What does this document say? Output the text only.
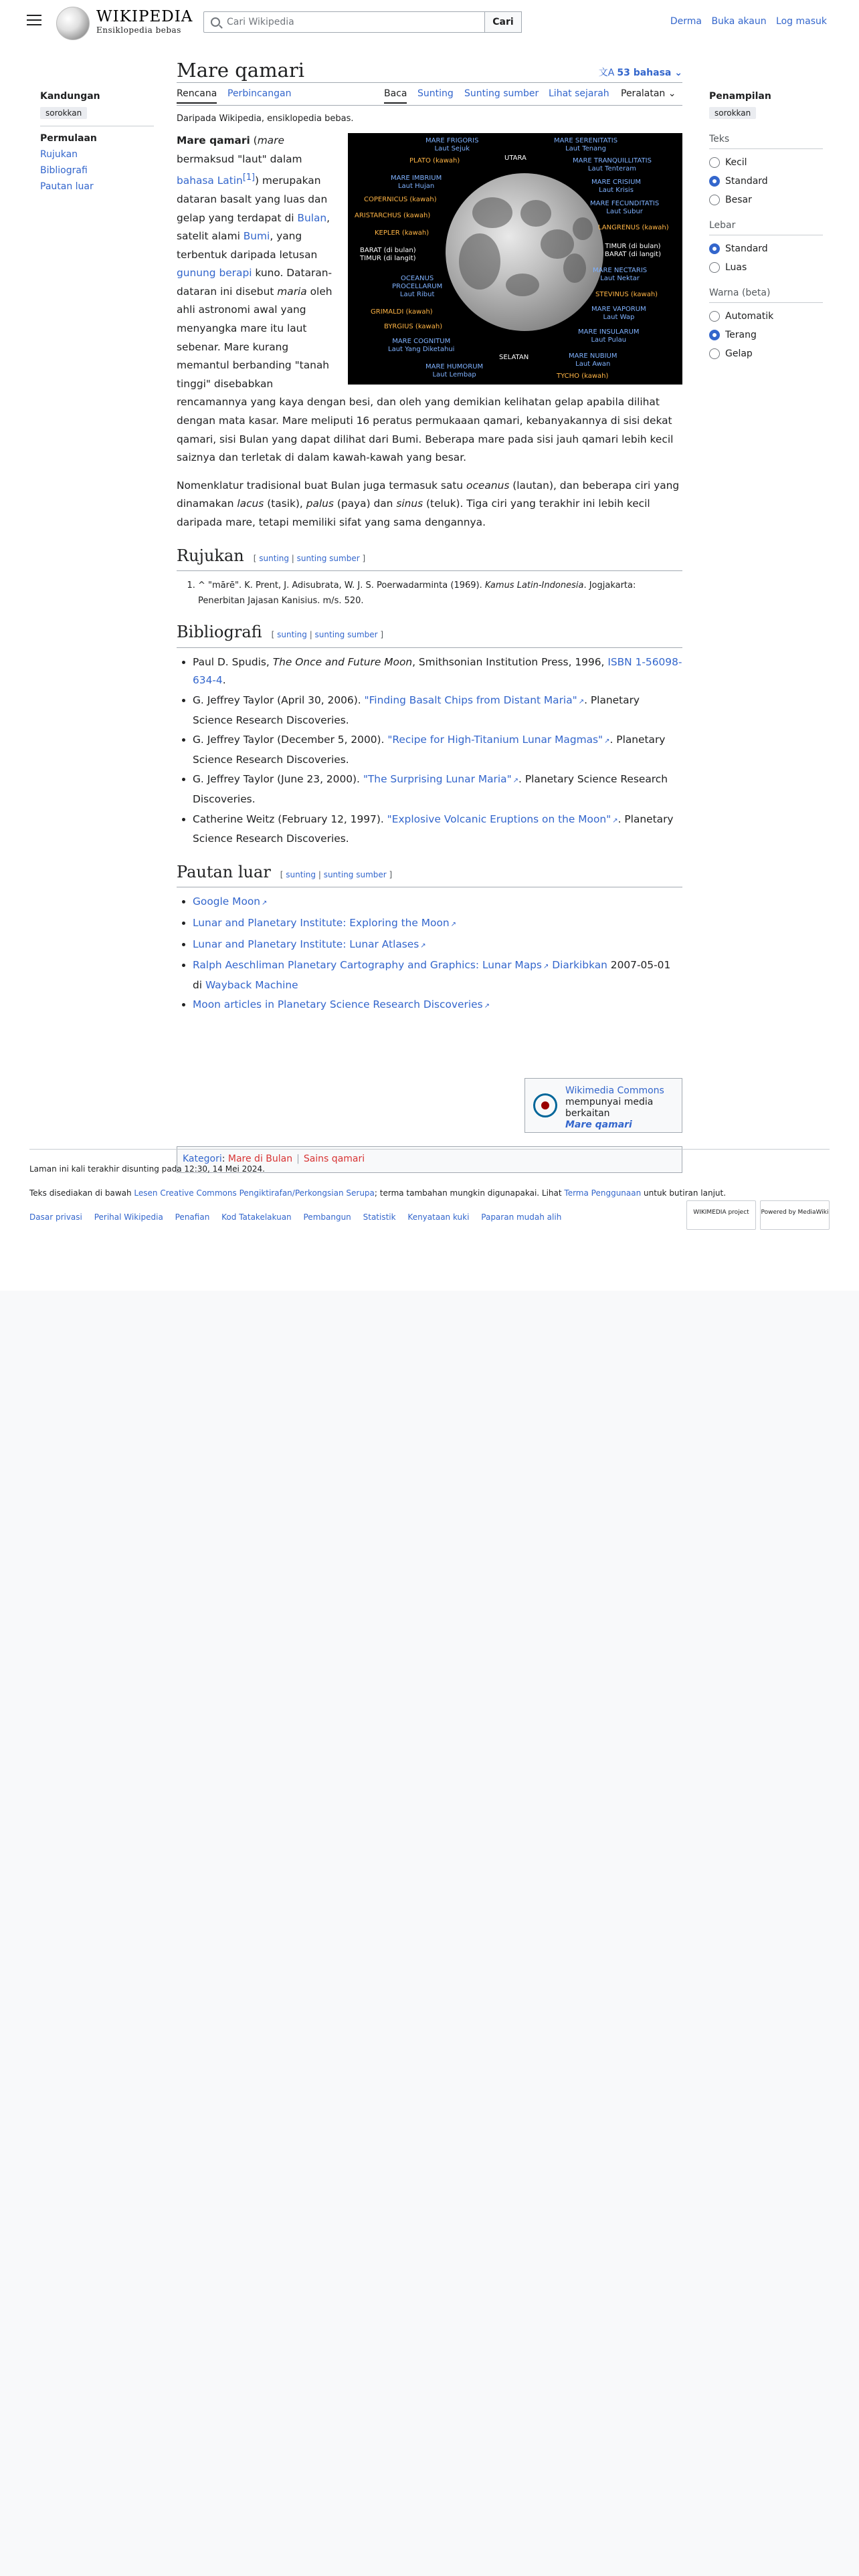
WIKIPEDIA
Ensiklopedia bebas
Cari Wikipedia
Cari	Derma Buka akaun Log masuk
Kandungan
sorokkan
Permulaan
Rujukan
Bibliografi
Pautan luar
Penampilan
sorokkan
Teks
Kecil
Standard
Besar
Lebar
Standard
Luas
Warna (beta)
Automatik
Terang
Gelap
Mare qamari	文A 53 bahasa ⌄
Rencana Perbincangan	Baca Sunting Sunting sumber Lihat sejarah Peralatan ⌄
Daripada Wikipedia, ensiklopedia bebas.
MARE FRIGORIS
Laut Sejuk
PLATO (kawah)	UTARA
MARE SERENITATIS
Laut Tenang
MARE TRANQUILLITATIS
Laut Tenteram
MARE IMBRIUM
Laut Hujan
MARE CRISIUM
Laut Krisis
COPERNICUS (kawah)
MARE FECUNDITATIS
Laut Subur
ARISTARCHUS (kawah)
LANGRENUS (kawah)
KEPLER (kawah)
BARAT (di bulan)
TIMUR (di langit)
TIMUR (di bulan)
BARAT (di langit)
OCEANUS
PROCELLARUM
Laut Ribut
MARE NECTARIS
Laut Nektar
STEVINUS (kawah)
GRIMALDI (kawah)	MARE VAPORUM
Laut Wap
BYRGIUS (kawah)
MARE INSULARUM
Laut Pulau
MARE COGNITUM
Laut Yang Diketahui
SELATAN	MARE NUBIUM
Laut Awan
MARE HUMORUM
Laut Lembap	TYCHO (kawah)

Mare qamari (mare bermaksud "laut" dalam bahasa Latin[1]) merupakan dataran basalt yang luas dan gelap yang terdapat di Bulan, satelit alami Bumi, yang terbentuk daripada letusan gunung berapi kuno. Dataran-dataran ini disebut maria oleh ahli astronomi awal yang menyangka mare itu laut sebenar. Mare kurang memantul berbanding "tanah tinggi" disebabkan rencamannya yang kaya dengan besi, dan oleh yang demikian kelihatan gelap apabila dilihat dengan mata kasar. Mare meliputi 16 peratus permukaaan qamari, kebanyakannya di sisi dekat qamari, sisi Bulan yang dapat dilihat dari Bumi. Beberapa mare pada sisi jauh qamari lebih kecil saiznya dan terletak di dalam kawah-kawah yang besar.

Nomenklatur tradisional buat Bulan juga termasuk satu oceanus (lautan), dan beberapa ciri yang dinamakan lacus (tasik), palus (paya) dan sinus (teluk). Tiga ciri yang terakhir ini lebih kecil daripada mare, tetapi memiliki sifat yang sama dengannya.

Rujukan [ sunting | sunting sumber ]
1. ^ "mārē". K. Prent, J. Adisubrata, W. J. S. Poerwadarminta (1969). Kamus Latin-Indonesia. Jogjakarta: Penerbitan Jajasan Kanisius. m/s. 520.
Bibliografi [ sunting | sunting sumber ]
• Paul D. Spudis, The Once and Future Moon, Smithsonian Institution Press, 1996, ISBN 1-56098-634-4.
• G. Jeffrey Taylor (April 30, 2006). "Finding Basalt Chips from Distant Maria" ↗ . Planetary Science Research Discoveries.
• G. Jeffrey Taylor (December 5, 2000). "Recipe for High-Titanium Lunar Magmas" ↗ . Planetary Science Research Discoveries.
• G. Jeffrey Taylor (June 23, 2000). "The Surprising Lunar Maria" ↗ . Planetary Science Research Discoveries.
• Catherine Weitz (February 12, 1997). "Explosive Volcanic Eruptions on the Moon" ↗ . Planetary Science Research Discoveries.
Pautan luar [ sunting | sunting sumber ]
• Google Moon ↗
• Lunar and Planetary Institute: Exploring the Moon ↗
• Lunar and Planetary Institute: Lunar Atlases ↗
• Ralph Aeschliman Planetary Cartography and Graphics: Lunar Maps ↗ Diarkibkan 2007-05-01 di Wayback Machine
• Moon articles in Planetary Science Research Discoveries ↗
Wikimedia Commons
mempunyai media berkaitan
Mare qamari
Kategori: Mare di Bulan | Sains qamari

Laman ini kali terakhir disunting pada 12:30, 14 Mei 2024.

Teks disediakan di bawah Lesen Creative Commons Pengiktirafan/Perkongsian Serupa; terma tambahan mungkin digunapakai. Lihat Terma Penggunaan untuk butiran lanjut.

Dasar privasi Perihal Wikipedia Penafian Kod Tatakelakuan Pembangun Statistik Kenyataan kuki Paparan mudah alih	WIKIMEDIA project	Powered by MediaWiki
